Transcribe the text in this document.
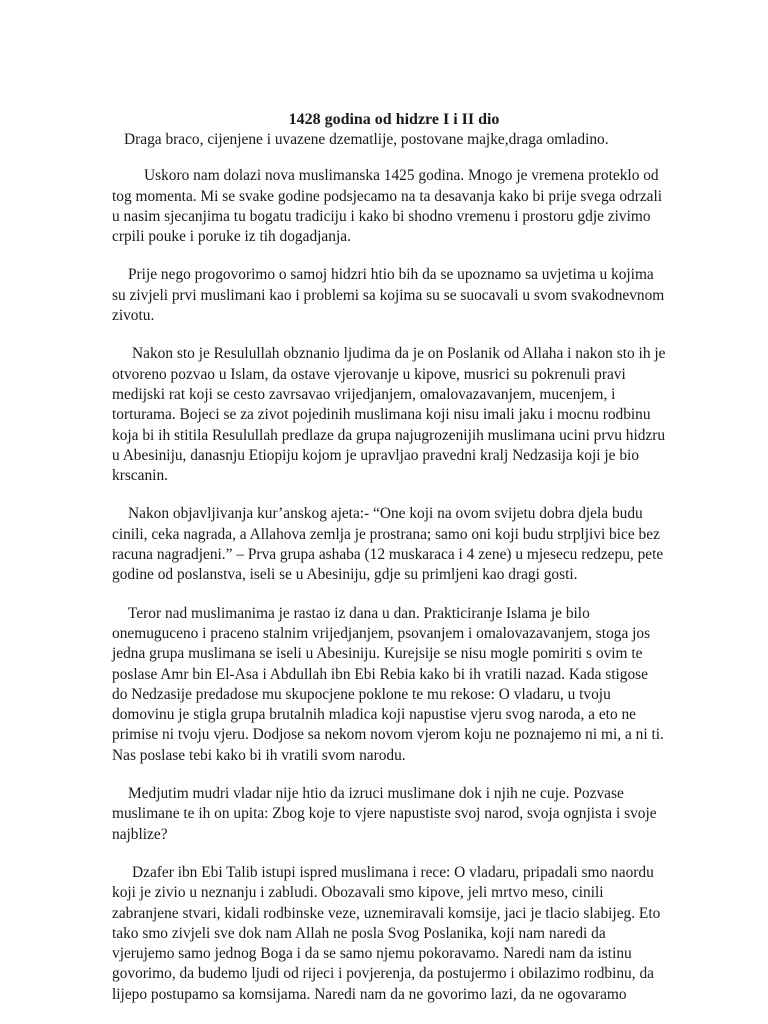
1428 godina od hidzre I i II dio

Draga braco, cijenjene i uvazene dzematlije, postovane majke,draga omladino.

Uskoro nam dolazi nova muslimanska 1425 godina. Mnogo je vremena proteklo od
tog momenta. Mi se svake godine podsjecamo na ta desavanja kako bi prije svega odrzali
u nasim sjecanjima tu bogatu tradiciju i kako bi shodno vremenu i prostoru gdje zivimo
crpili pouke i poruke iz tih dogadjanja.

Prije nego progovorimo o samoj hidzri htio bih da se upoznamo sa uvjetima u kojima
su zivjeli prvi muslimani kao i problemi sa kojima su se suocavali u svom svakodnevnom
zivotu.

Nakon sto je Resulullah obznanio ljudima da je on Poslanik od Allaha i nakon sto ih je
otvoreno pozvao u Islam, da ostave vjerovanje u kipove, musrici su pokrenuli pravi
medijski rat koji se cesto zavrsavao vrijedjanjem, omalovazavanjem, mucenjem, i
torturama. Bojeci se za zivot pojedinih muslimana koji nisu imali jaku i mocnu rodbinu
koja bi ih stitila Resulullah predlaze da grupa najugrozenijih muslimana ucini prvu hidzru
u Abesiniju, danasnju Etiopiju kojom je upravljao pravedni kralj Nedzasija koji je bio
krscanin.

Nakon objavljivanja kur’anskog ajeta:- “One koji na ovom svijetu dobra djela budu
cinili, ceka nagrada, a Allahova zemlja je prostrana; samo oni koji budu strpljivi bice bez
racuna nagradjeni.” – Prva grupa ashaba (12 muskaraca i 4 zene) u mjesecu redzepu, pete
godine od poslanstva, iseli se u Abesiniju, gdje su primljeni kao dragi gosti.

Teror nad muslimanima je rastao iz dana u dan. Prakticiranje Islama je bilo
onemuguceno i praceno stalnim vrijedjanjem, psovanjem i omalovazavanjem, stoga jos
jedna grupa muslimana se iseli u Abesiniju. Kurejsije se nisu mogle pomiriti s ovim te
poslase Amr bin El-Asa i Abdullah ibn Ebi Rebia kako bi ih vratili nazad. Kada stigose
do Nedzasije predadose mu skupocjene poklone te mu rekose: O vladaru, u tvoju
domovinu je stigla grupa brutalnih mladica koji napustise vjeru svog naroda, a eto ne
primise ni tvoju vjeru. Dodjose sa nekom novom vjerom koju ne poznajemo ni mi, a ni ti.
Nas poslase tebi kako bi ih vratili svom narodu.

Medjutim mudri vladar nije htio da izruci muslimane dok i njih ne cuje. Pozvase
muslimane te ih on upita: Zbog koje to vjere napustiste svoj narod, svoja ognjista i svoje
najblize?

Dzafer ibn Ebi Talib istupi ispred muslimana i rece: O vladaru, pripadali smo naordu
koji je zivio u neznanju i zabludi. Obozavali smo kipove, jeli mrtvo meso, cinili
zabranjene stvari, kidali rodbinske veze, uznemiravali komsije, jaci je tlacio slabijeg. Eto
tako smo zivjeli sve dok nam Allah ne posla Svog Poslanika, koji nam naredi da
vjerujemo samo jednog Boga i da se samo njemu pokoravamo. Naredi nam da istinu
govorimo, da budemo ljudi od rijeci i povjerenja, da postujermo i obilazimo rodbinu, da
lijepo postupamo sa komsijama. Naredi nam da ne govorimo lazi, da ne ogovaramo
